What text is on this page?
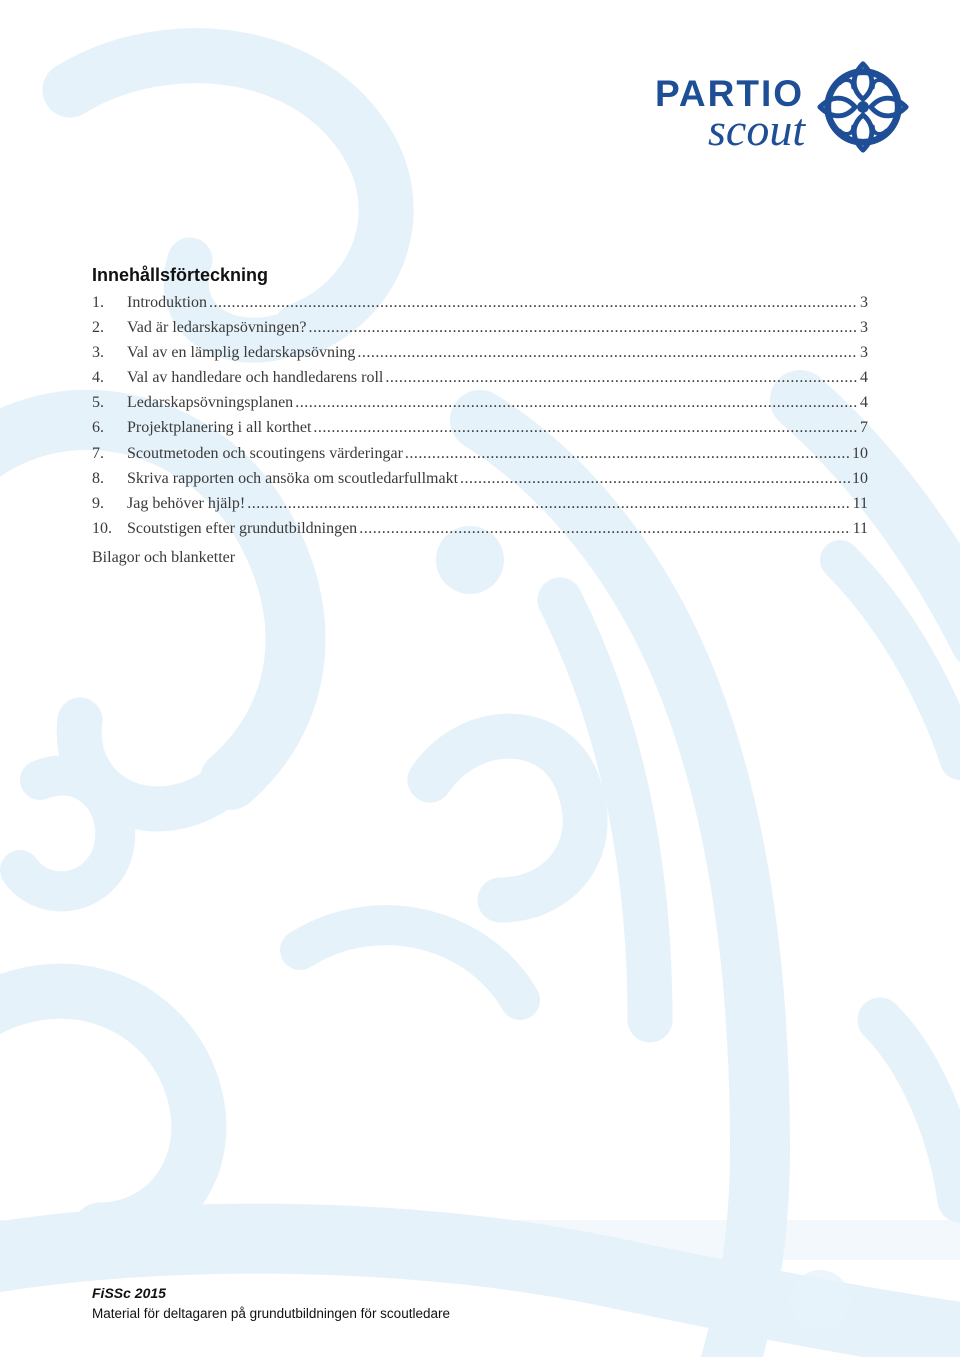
PARTIO
scout
Innehållsförteckning
1.	Introduktion .....	3
2.	Vad är ledarskapsövningen? .....	3
3.	Val av en lämplig ledarskapsövning .....	3
4.	Val av handledare och handledarens roll .....	4
5.	Ledarskapsövningsplanen .....	4
6.	Projektplanering i all korthet .....	7
7.	Scoutmetoden och scoutingens värderingar .....	10
8.	Skriva rapporten och ansöka om scoutledarfullmakt .....	10
9.	Jag behöver hjälp! .....	11
10. Scoutstigen efter grundutbildningen .....	11
Bilagor och blanketter
FiSSc 2015
Material för deltagaren på grundutbildningen för scoutledare
